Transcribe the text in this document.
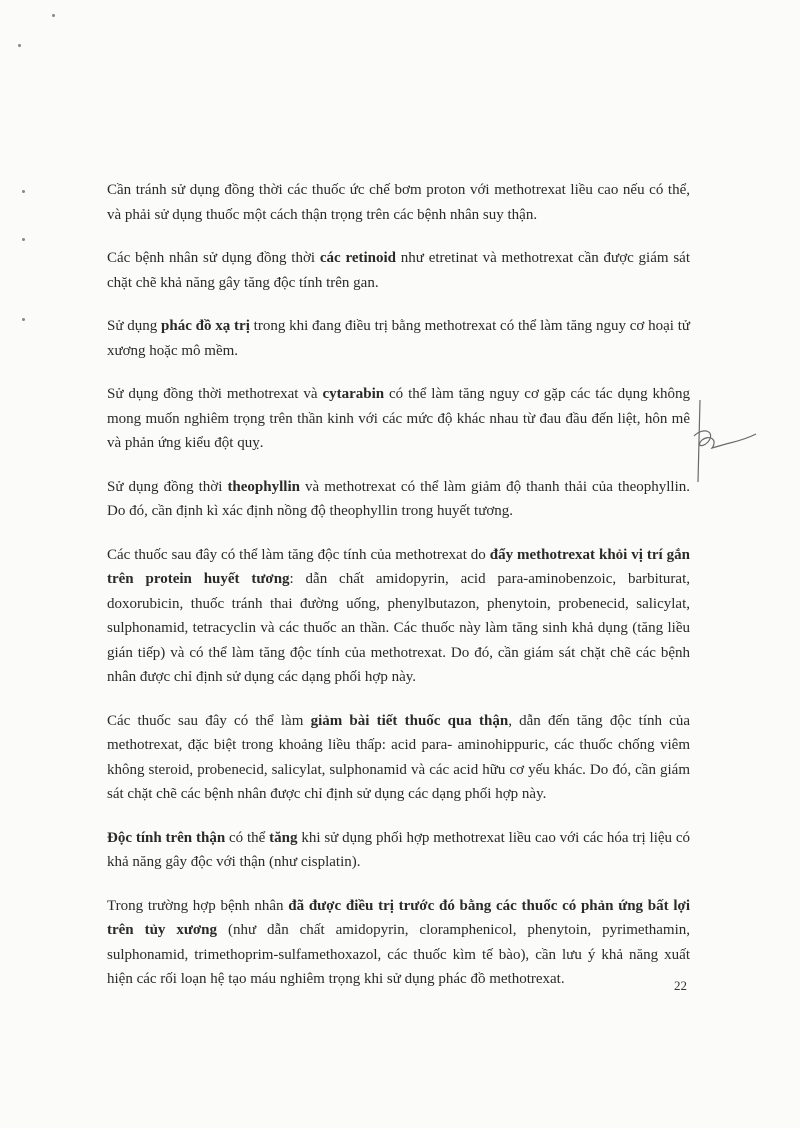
Cần tránh sử dụng đồng thời các thuốc ức chế bơm proton với methotrexat liều cao nếu có thể, và phải sử dụng thuốc một cách thận trọng trên các bệnh nhân suy thận.

Các bệnh nhân sử dụng đồng thời các retinoid như etretinat và methotrexat cần được giám sát chặt chẽ khả năng gây tăng độc tính trên gan.

Sử dụng phác đồ xạ trị trong khi đang điều trị bằng methotrexat có thể làm tăng nguy cơ hoại tử xương hoặc mô mềm.

Sử dụng đồng thời methotrexat và cytarabin có thể làm tăng nguy cơ gặp các tác dụng không mong muốn nghiêm trọng trên thần kinh với các mức độ khác nhau từ đau đầu đến liệt, hôn mê và phản ứng kiểu đột quỵ.

Sử dụng đồng thời theophyllin và methotrexat có thể làm giảm độ thanh thải của theophyllin. Do đó, cần định kì xác định nồng độ theophyllin trong huyết tương.

Các thuốc sau đây có thể làm tăng độc tính của methotrexat do đẩy methotrexat khỏi vị trí gắn trên protein huyết tương: dẫn chất amidopyrin, acid para-aminobenzoic, barbiturat, doxorubicin, thuốc tránh thai đường uống, phenylbutazon, phenytoin, probenecid, salicylat, sulphonamid, tetracyclin và các thuốc an thần. Các thuốc này làm tăng sinh khả dụng (tăng liều gián tiếp) và có thể làm tăng độc tính của methotrexat. Do đó, cần giám sát chặt chẽ các bệnh nhân được chỉ định sử dụng các dạng phối hợp này.

Các thuốc sau đây có thể làm giảm bài tiết thuốc qua thận, dẫn đến tăng độc tính của methotrexat, đặc biệt trong khoảng liều thấp: acid para- aminohippuric, các thuốc chống viêm không steroid, probenecid, salicylat, sulphonamid và các acid hữu cơ yếu khác. Do đó, cần giám sát chặt chẽ các bệnh nhân được chỉ định sử dụng các dạng phối hợp này.

Độc tính trên thận có thể tăng khi sử dụng phối hợp methotrexat liều cao với các hóa trị liệu có khả năng gây độc với thận (như cisplatin).

Trong trường hợp bệnh nhân đã được điều trị trước đó bằng các thuốc có phản ứng bất lợi trên tủy xương (như dẫn chất amidopyrin, cloramphenicol, phenytoin, pyrimethamin, sulphonamid, trimethoprim-sulfamethoxazol, các thuốc kìm tế bào), cần lưu ý khả năng xuất hiện các rối loạn hệ tạo máu nghiêm trọng khi sử dụng phác đồ methotrexat.	22
